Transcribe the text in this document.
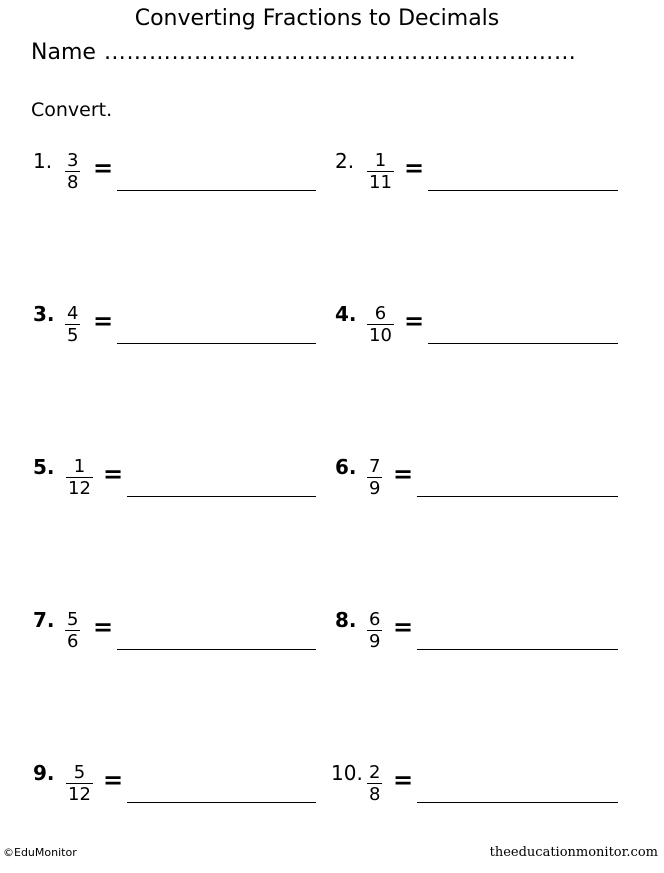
Converting Fractions to Decimals
Name ………………………………………………………
Convert.
1. $\frac{3}{8}$ =	2. $\frac{1}{11}$ =
3. $\frac{4}{5}$ =	4. $\frac{6}{10}$ =
5. $\frac{1}{12}$ =	6. $\frac{7}{9}$ =
7. $\frac{5}{6}$ =	8. $\frac{6}{9}$ =
9. $\frac{5}{12}$ =	10. $\frac{2}{8}$ =
©EduMonitor	theeducationmonitor.com
